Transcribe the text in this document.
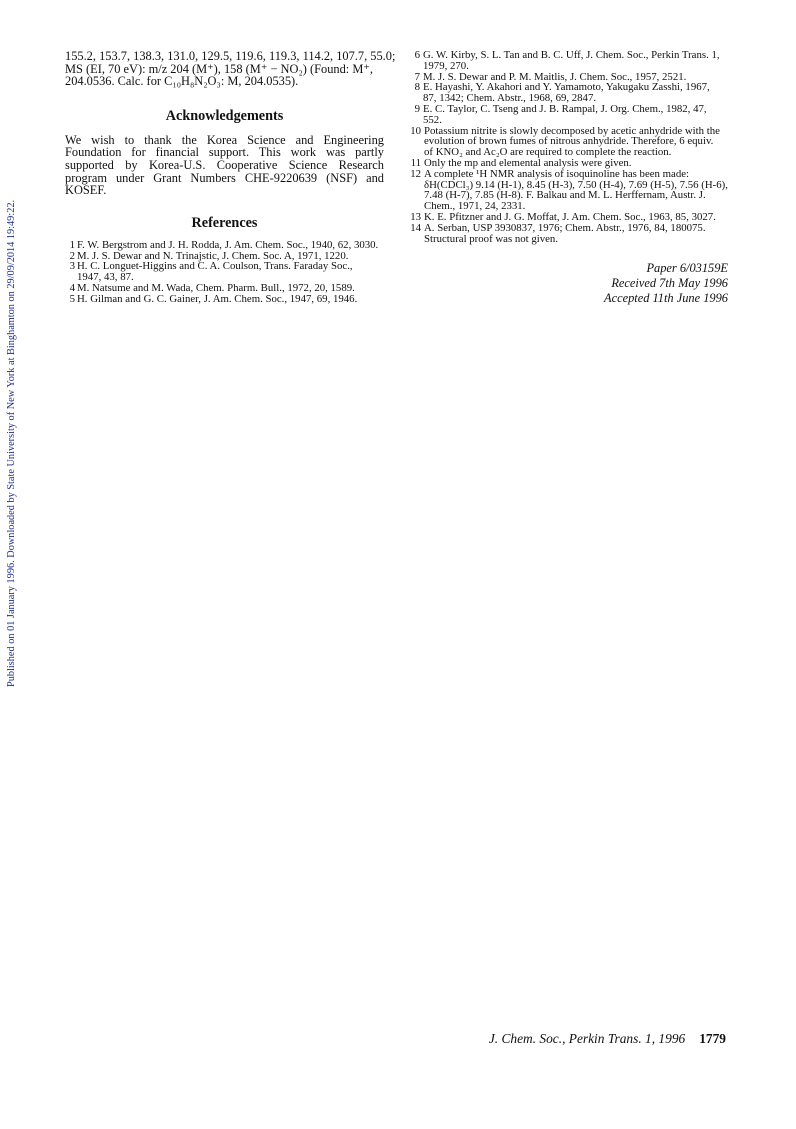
Published on 01 January 1996. Downloaded by State University of New York at Binghamton on 29/09/2014 19:49:22.
155.2, 153.7, 138.3, 131.0, 129.5, 119.6, 119.3, 114.2, 107.7, 55.0;
MS (EI, 70 eV): m/z 204 (M⁺), 158 (M⁺ − NO₂) (Found: M⁺,
204.0536. Calc. for C₁₀H₈N₂O₃: M, 204.0535).
Acknowledgements
We wish to thank the Korea Science and Engineering
Foundation for financial support. This work was partly
supported by Korea-U.S. Cooperative Science Research
program under Grant Numbers CHE-9220639 (NSF) and
KOSEF.
References
1 F. W. Bergstrom and J. H. Rodda, J. Am. Chem. Soc., 1940, 62, 3030.
2 M. J. S. Dewar and N. Trinajstic, J. Chem. Soc. A, 1971, 1220.
3 H. C. Longuet-Higgins and C. A. Coulson, Trans. Faraday Soc.,
1947, 43, 87.
4 M. Natsume and M. Wada, Chem. Pharm. Bull., 1972, 20, 1589.
5 H. Gilman and G. C. Gainer, J. Am. Chem. Soc., 1947, 69, 1946.
6 G. W. Kirby, S. L. Tan and B. C. Uff, J. Chem. Soc., Perkin Trans. 1,
1979, 270.
7 M. J. S. Dewar and P. M. Maitlis, J. Chem. Soc., 1957, 2521.
8 E. Hayashi, Y. Akahori and Y. Yamamoto, Yakugaku Zasshi, 1967,
87, 1342; Chem. Abstr., 1968, 69, 2847.
9 E. C. Taylor, C. Tseng and J. B. Rampal, J. Org. Chem., 1982, 47,
552.
10 Potassium nitrite is slowly decomposed by acetic anhydride with the
evolution of brown fumes of nitrous anhydride. Therefore, 6 equiv.
of KNO₂ and Ac₂O are required to complete the reaction.
11 Only the mp and elemental analysis were given.
12 A complete ¹H NMR analysis of isoquinoline has been made:
δH(CDCl₃) 9.14 (H-1), 8.45 (H-3), 7.50 (H-4), 7.69 (H-5), 7.56 (H-6),
7.48 (H-7), 7.85 (H-8). F. Balkau and M. L. Herffernam, Austr. J.
Chem., 1971, 24, 2331.
13 K. E. Pfitzner and J. G. Moffat, J. Am. Chem. Soc., 1963, 85, 3027.
14 A. Serban, USP 3930837, 1976; Chem. Abstr., 1976, 84, 180075.
Structural proof was not given.
Paper 6/03159E
Received 7th May 1996
Accepted 11th June 1996
J. Chem. Soc., Perkin Trans. 1, 1996 1779
